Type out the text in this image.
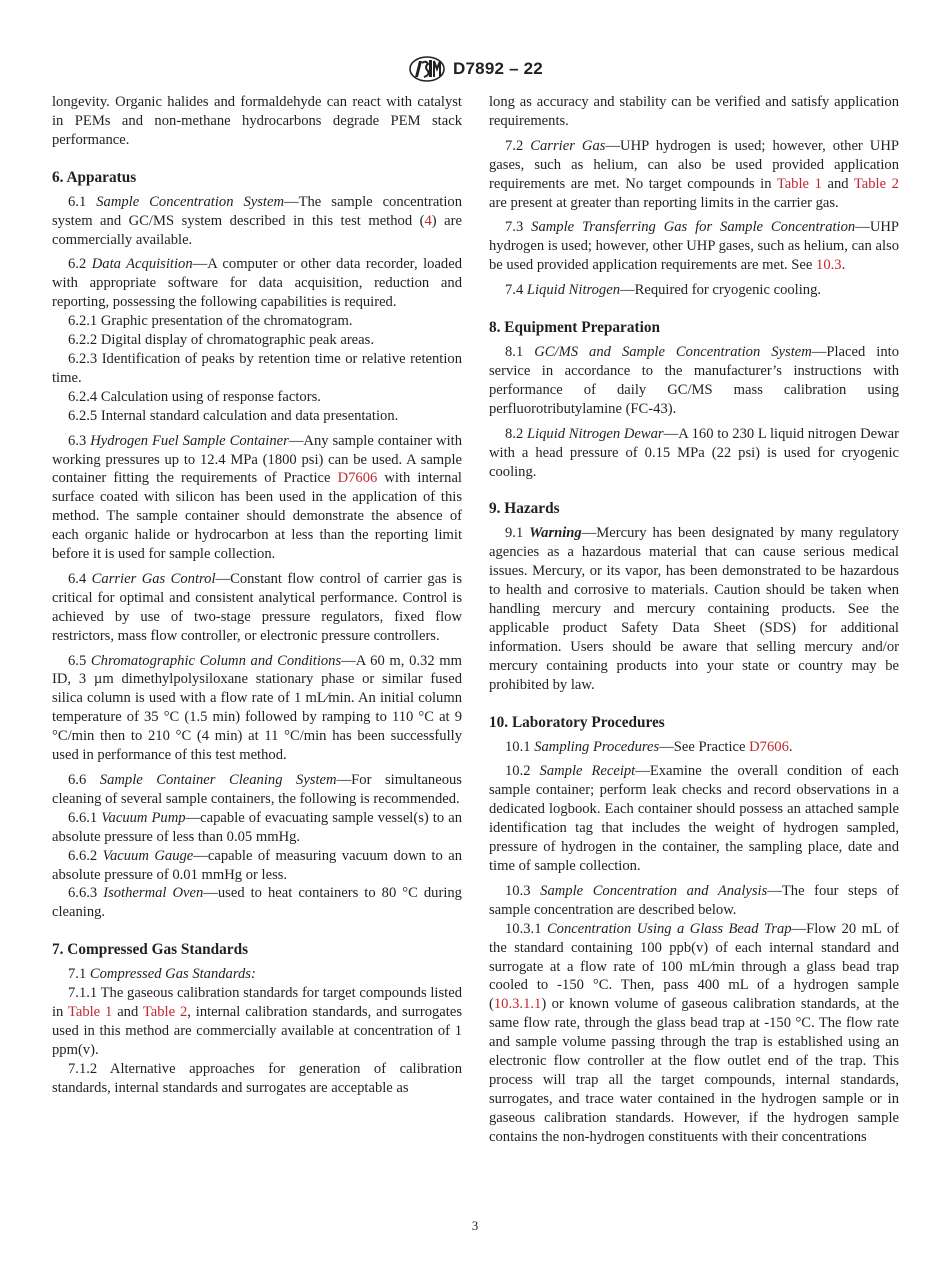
D7892 – 22

longevity. Organic halides and formaldehyde can react with catalyst in PEMs and non-methane hydrocarbons degrade PEM stack performance.

6. Apparatus

6.1 Sample Concentration System—The sample concentration system and GC/MS system described in this test method (4) are commercially available.

6.2 Data Acquisition—A computer or other data recorder, loaded with appropriate software for data acquisition, reduction and reporting, possessing the following capabilities is required.

6.2.1 Graphic presentation of the chromatogram.

6.2.2 Digital display of chromatographic peak areas.

6.2.3 Identification of peaks by retention time or relative retention time.

6.2.4 Calculation using of response factors.

6.2.5 Internal standard calculation and data presentation.

6.3 Hydrogen Fuel Sample Container—Any sample container with working pressures up to 12.4 MPa (1800 psi) can be used. A sample container fitting the requirements of Practice D7606 with internal surface coated with silicon has been used in the application of this method. The sample container should demonstrate the absence of each organic halide or hydrocarbon at less than the reporting limit before it is used for sample collection.

6.4 Carrier Gas Control—Constant flow control of carrier gas is critical for optimal and consistent analytical performance. Control is achieved by use of two-stage pressure regulators, fixed flow restrictors, mass flow controller, or electronic pressure controllers.

6.5 Chromatographic Column and Conditions—A 60 m, 0.32 mm ID, 3 µm dimethylpolysiloxane stationary phase or similar fused silica column is used with a flow rate of 1 mL⁄min. An initial column temperature of 35 °C (1.5 min) followed by ramping to 110 °C at 9 °C/min then to 210 °C (4 min) at 11 °C/min has been successfully used in performance of this test method.

6.6 Sample Container Cleaning System—For simultaneous cleaning of several sample containers, the following is recommended.

6.6.1 Vacuum Pump—capable of evacuating sample vessel(s) to an absolute pressure of less than 0.05 mmHg.

6.6.2 Vacuum Gauge—capable of measuring vacuum down to an absolute pressure of 0.01 mmHg or less.

6.6.3 Isothermal Oven—used to heat containers to 80 °C during cleaning.

7. Compressed Gas Standards

7.1 Compressed Gas Standards:

7.1.1 The gaseous calibration standards for target compounds listed in Table 1 and Table 2, internal calibration standards, and surrogates used in this method are commercially available at concentration of 1 ppm(v).

7.1.2 Alternative approaches for generation of calibration standards, internal standards and surrogates are acceptable as

long as accuracy and stability can be verified and satisfy application requirements.

7.2 Carrier Gas—UHP hydrogen is used; however, other UHP gases, such as helium, can also be used provided application requirements are met. No target compounds in Table 1 and Table 2 are present at greater than reporting limits in the carrier gas.

7.3 Sample Transferring Gas for Sample Concentration—UHP hydrogen is used; however, other UHP gases, such as helium, can also be used provided application requirements are met. See 10.3.

7.4 Liquid Nitrogen—Required for cryogenic cooling.

8. Equipment Preparation

8.1 GC/MS and Sample Concentration System—Placed into service in accordance to the manufacturer’s instructions with performance of daily GC/MS mass calibration using perfluorotributylamine (FC-43).

8.2 Liquid Nitrogen Dewar—A 160 to 230 L liquid nitrogen Dewar with a head pressure of 0.15 MPa (22 psi) is used for cryogenic cooling.

9. Hazards

9.1 Warning—Mercury has been designated by many regulatory agencies as a hazardous material that can cause serious medical issues. Mercury, or its vapor, has been demonstrated to be hazardous to health and corrosive to materials. Caution should be taken when handling mercury and mercury containing products. See the applicable product Safety Data Sheet (SDS) for additional information. Users should be aware that selling mercury and/or mercury containing products into your state or country may be prohibited by law.

10. Laboratory Procedures

10.1 Sampling Procedures—See Practice D7606.

10.2 Sample Receipt—Examine the overall condition of each sample container; perform leak checks and record observations in a dedicated logbook. Each container should possess an attached sample identification tag that includes the weight of hydrogen sampled, pressure of hydrogen in the container, the sampling place, date and time of sample collection.

10.3 Sample Concentration and Analysis—The four steps of sample concentration are described below.

10.3.1 Concentration Using a Glass Bead Trap—Flow 20 mL of the standard containing 100 ppb(v) of each internal standard and surrogate at a flow rate of 100 mL⁄min through a glass bead trap cooled to -150 °C. Then, pass 400 mL of a hydrogen sample (10.3.1.1) or known volume of gaseous calibration standards, at the same flow rate, through the glass bead trap at -150 °C. The flow rate and sample volume passing through the trap is established using an electronic flow controller at the flow outlet end of the trap. This process will trap all the target compounds, internal standards, surrogates, and trace water contained in the hydrogen sample or in gaseous calibration standards. However, if the hydrogen sample contains the non-hydrogen constituents with their concentrations

3
